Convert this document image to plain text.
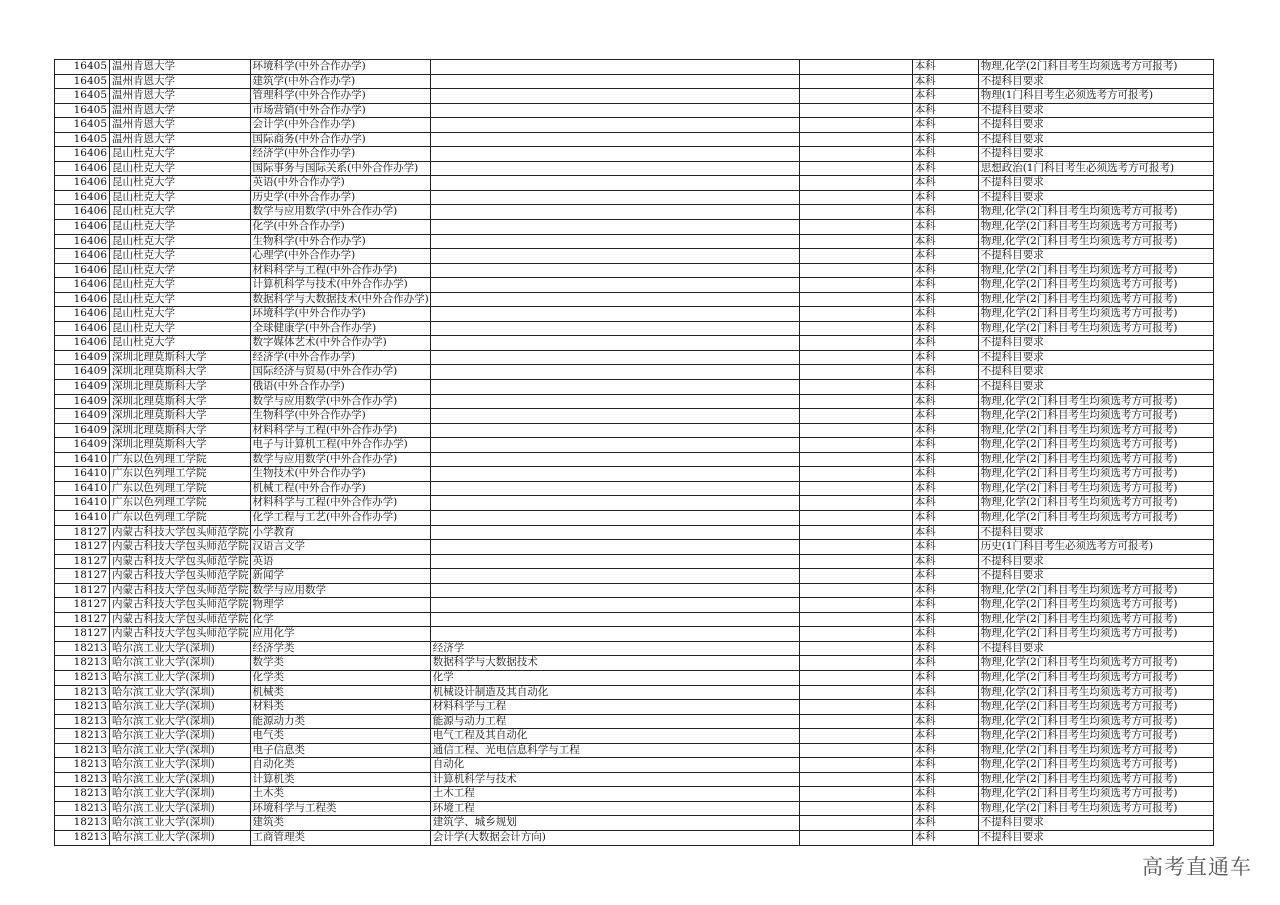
16405	温州肯恩大学	环境科学(中外合作办学)			本科	物理,化学(2门科目考生均须选考方可报考)
16405	温州肯恩大学	建筑学(中外合作办学)			本科	不提科目要求
16405	温州肯恩大学	管理科学(中外合作办学)			本科	物理(1门科目考生必须选考方可报考)
16405	温州肯恩大学	市场营销(中外合作办学)			本科	不提科目要求
16405	温州肯恩大学	会计学(中外合作办学)			本科	不提科目要求
16405	温州肯恩大学	国际商务(中外合作办学)			本科	不提科目要求
16406	昆山杜克大学	经济学(中外合作办学)			本科	不提科目要求
16406	昆山杜克大学	国际事务与国际关系(中外合作办学)			本科	思想政治(1门科目考生必须选考方可报考)
16406	昆山杜克大学	英语(中外合作办学)			本科	不提科目要求
16406	昆山杜克大学	历史学(中外合作办学)			本科	不提科目要求
16406	昆山杜克大学	数学与应用数学(中外合作办学)			本科	物理,化学(2门科目考生均须选考方可报考)
16406	昆山杜克大学	化学(中外合作办学)			本科	物理,化学(2门科目考生均须选考方可报考)
16406	昆山杜克大学	生物科学(中外合作办学)			本科	物理,化学(2门科目考生均须选考方可报考)
16406	昆山杜克大学	心理学(中外合作办学)			本科	不提科目要求
16406	昆山杜克大学	材料科学与工程(中外合作办学)			本科	物理,化学(2门科目考生均须选考方可报考)
16406	昆山杜克大学	计算机科学与技术(中外合作办学)			本科	物理,化学(2门科目考生均须选考方可报考)
16406	昆山杜克大学	数据科学与大数据技术(中外合作办学)			本科	物理,化学(2门科目考生均须选考方可报考)
16406	昆山杜克大学	环境科学(中外合作办学)			本科	物理,化学(2门科目考生均须选考方可报考)
16406	昆山杜克大学	全球健康学(中外合作办学)			本科	物理,化学(2门科目考生均须选考方可报考)
16406	昆山杜克大学	数字媒体艺术(中外合作办学)			本科	不提科目要求
16409	深圳北理莫斯科大学	经济学(中外合作办学)			本科	不提科目要求
16409	深圳北理莫斯科大学	国际经济与贸易(中外合作办学)			本科	不提科目要求
16409	深圳北理莫斯科大学	俄语(中外合作办学)			本科	不提科目要求
16409	深圳北理莫斯科大学	数学与应用数学(中外合作办学)			本科	物理,化学(2门科目考生均须选考方可报考)
16409	深圳北理莫斯科大学	生物科学(中外合作办学)			本科	物理,化学(2门科目考生均须选考方可报考)
16409	深圳北理莫斯科大学	材料科学与工程(中外合作办学)			本科	物理,化学(2门科目考生均须选考方可报考)
16409	深圳北理莫斯科大学	电子与计算机工程(中外合作办学)			本科	物理,化学(2门科目考生均须选考方可报考)
16410	广东以色列理工学院	数学与应用数学(中外合作办学)			本科	物理,化学(2门科目考生均须选考方可报考)
16410	广东以色列理工学院	生物技术(中外合作办学)			本科	物理,化学(2门科目考生均须选考方可报考)
16410	广东以色列理工学院	机械工程(中外合作办学)			本科	物理,化学(2门科目考生均须选考方可报考)
16410	广东以色列理工学院	材料科学与工程(中外合作办学)			本科	物理,化学(2门科目考生均须选考方可报考)
16410	广东以色列理工学院	化学工程与工艺(中外合作办学)			本科	物理,化学(2门科目考生均须选考方可报考)
18127	内蒙古科技大学包头师范学院	小学教育			本科	不提科目要求
18127	内蒙古科技大学包头师范学院	汉语言文学			本科	历史(1门科目考生必须选考方可报考)
18127	内蒙古科技大学包头师范学院	英语			本科	不提科目要求
18127	内蒙古科技大学包头师范学院	新闻学			本科	不提科目要求
18127	内蒙古科技大学包头师范学院	数学与应用数学			本科	物理,化学(2门科目考生均须选考方可报考)
18127	内蒙古科技大学包头师范学院	物理学			本科	物理,化学(2门科目考生均须选考方可报考)
18127	内蒙古科技大学包头师范学院	化学			本科	物理,化学(2门科目考生均须选考方可报考)
18127	内蒙古科技大学包头师范学院	应用化学			本科	物理,化学(2门科目考生均须选考方可报考)
18213	哈尔滨工业大学(深圳)	经济学类	经济学		本科	不提科目要求
18213	哈尔滨工业大学(深圳)	数学类	数据科学与大数据技术		本科	物理,化学(2门科目考生均须选考方可报考)
18213	哈尔滨工业大学(深圳)	化学类	化学		本科	物理,化学(2门科目考生均须选考方可报考)
18213	哈尔滨工业大学(深圳)	机械类	机械设计制造及其自动化		本科	物理,化学(2门科目考生均须选考方可报考)
18213	哈尔滨工业大学(深圳)	材料类	材料科学与工程		本科	物理,化学(2门科目考生均须选考方可报考)
18213	哈尔滨工业大学(深圳)	能源动力类	能源与动力工程		本科	物理,化学(2门科目考生均须选考方可报考)
18213	哈尔滨工业大学(深圳)	电气类	电气工程及其自动化		本科	物理,化学(2门科目考生均须选考方可报考)
18213	哈尔滨工业大学(深圳)	电子信息类	通信工程、光电信息科学与工程		本科	物理,化学(2门科目考生均须选考方可报考)
18213	哈尔滨工业大学(深圳)	自动化类	自动化		本科	物理,化学(2门科目考生均须选考方可报考)
18213	哈尔滨工业大学(深圳)	计算机类	计算机科学与技术		本科	物理,化学(2门科目考生均须选考方可报考)
18213	哈尔滨工业大学(深圳)	土木类	土木工程		本科	物理,化学(2门科目考生均须选考方可报考)
18213	哈尔滨工业大学(深圳)	环境科学与工程类	环境工程		本科	物理,化学(2门科目考生均须选考方可报考)
18213	哈尔滨工业大学(深圳)	建筑类	建筑学、城乡规划		本科	不提科目要求
18213	哈尔滨工业大学(深圳)	工商管理类	会计学(大数据会计方向)		本科	不提科目要求
高考直通车
